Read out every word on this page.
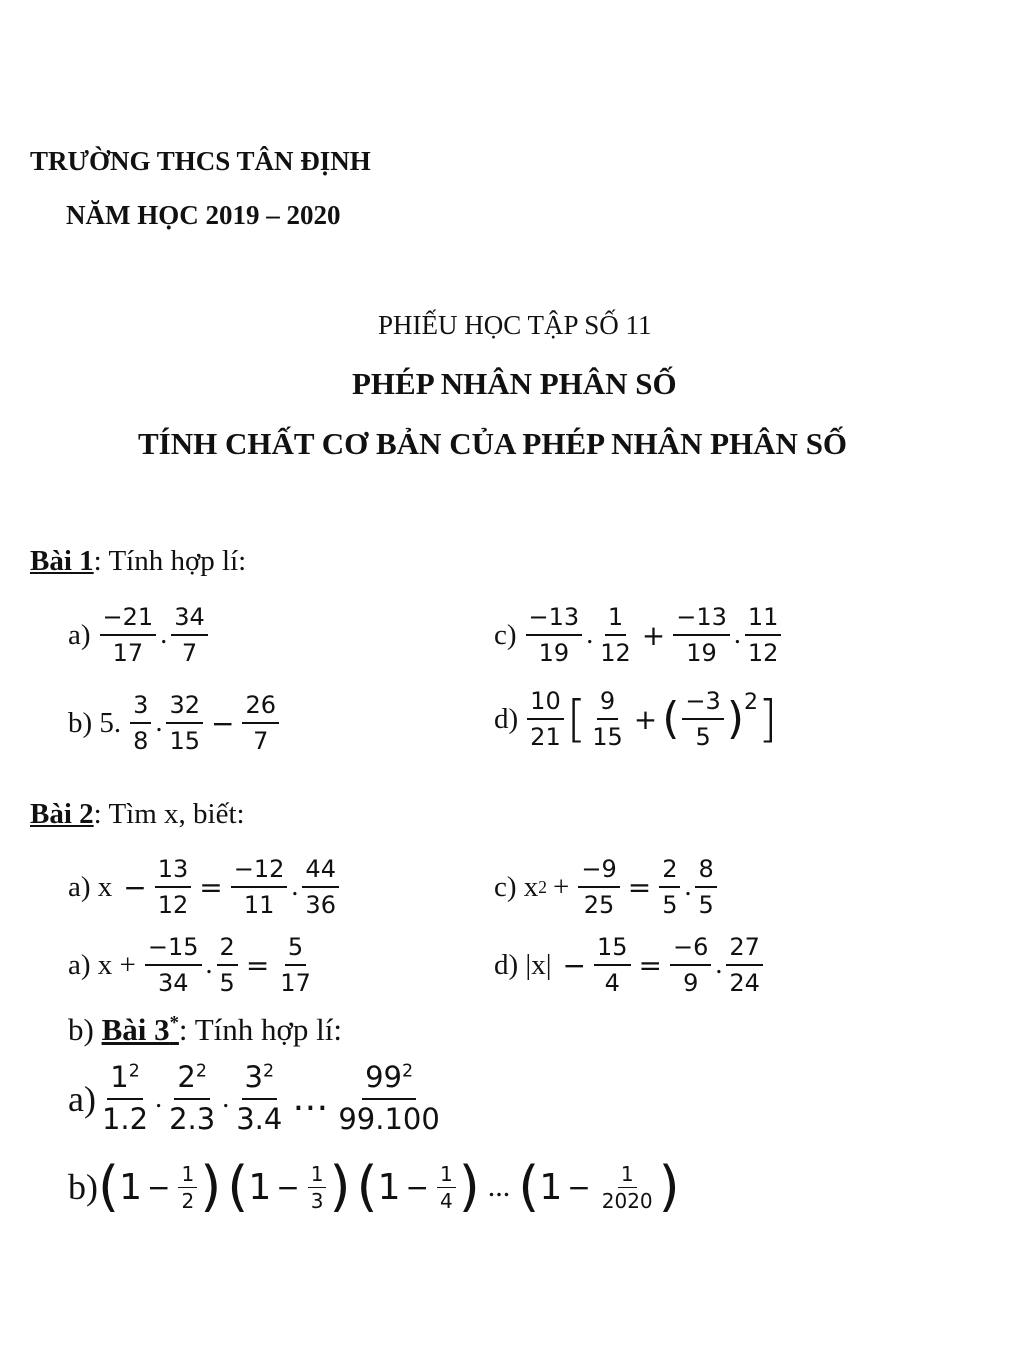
TRƯỜNG THCS TÂN ĐỊNH
NĂM HỌC 2019 – 2020
PHIẾU HỌC TẬP SỐ 11
PHÉP NHÂN PHÂN SỐ
TÍNH CHẤT CƠ BẢN CỦA PHÉP NHÂN PHÂN SỐ
Bài 1: Tính hợp lí:
$a) \frac{-21}{17}$ . $\frac{34}{7}$	$c) \frac{-13}{19}$ . $\frac{1}{12} + \frac{-13}{19}$ . $\frac{11}{12}$
b) 5. $\frac{3}{8}$ . $\frac{32}{15} - \frac{26}{7}$	$d) \frac{10}{21}$ [ $\frac{9}{15}$ + ( $\frac{-3}{5}$ ) 2 ]
Bài 2: Tìm x, biết:
a) $x - \frac{13}{12} = \frac{-12}{11}$ . $\frac{44}{36}$	c) x $2 + \frac{-9}{25} = \frac{2}{5}$ . $\frac{8}{5}$
a) $x + \frac{-15}{34}$ . $\frac{2}{5} = \frac{5}{17}$	d) $|x| - \frac{15}{4} = \frac{-6}{9}$ . $\frac{27}{24}$
b) Bài 3*: Tính hợp lí:
$a) \frac{1^2}{1.2}$ . $\frac{2^2}{2.3}$ . $\frac{3^2}{3.4}$ … $\frac{99^2}{99.100}$
b) ( $1 - \frac{1}{2}$ ) ( $1 - \frac{1}{3}$ ) ( $1 - \frac{1}{4}$ ) ... ( $1 - \frac{1}{2020}$ )
